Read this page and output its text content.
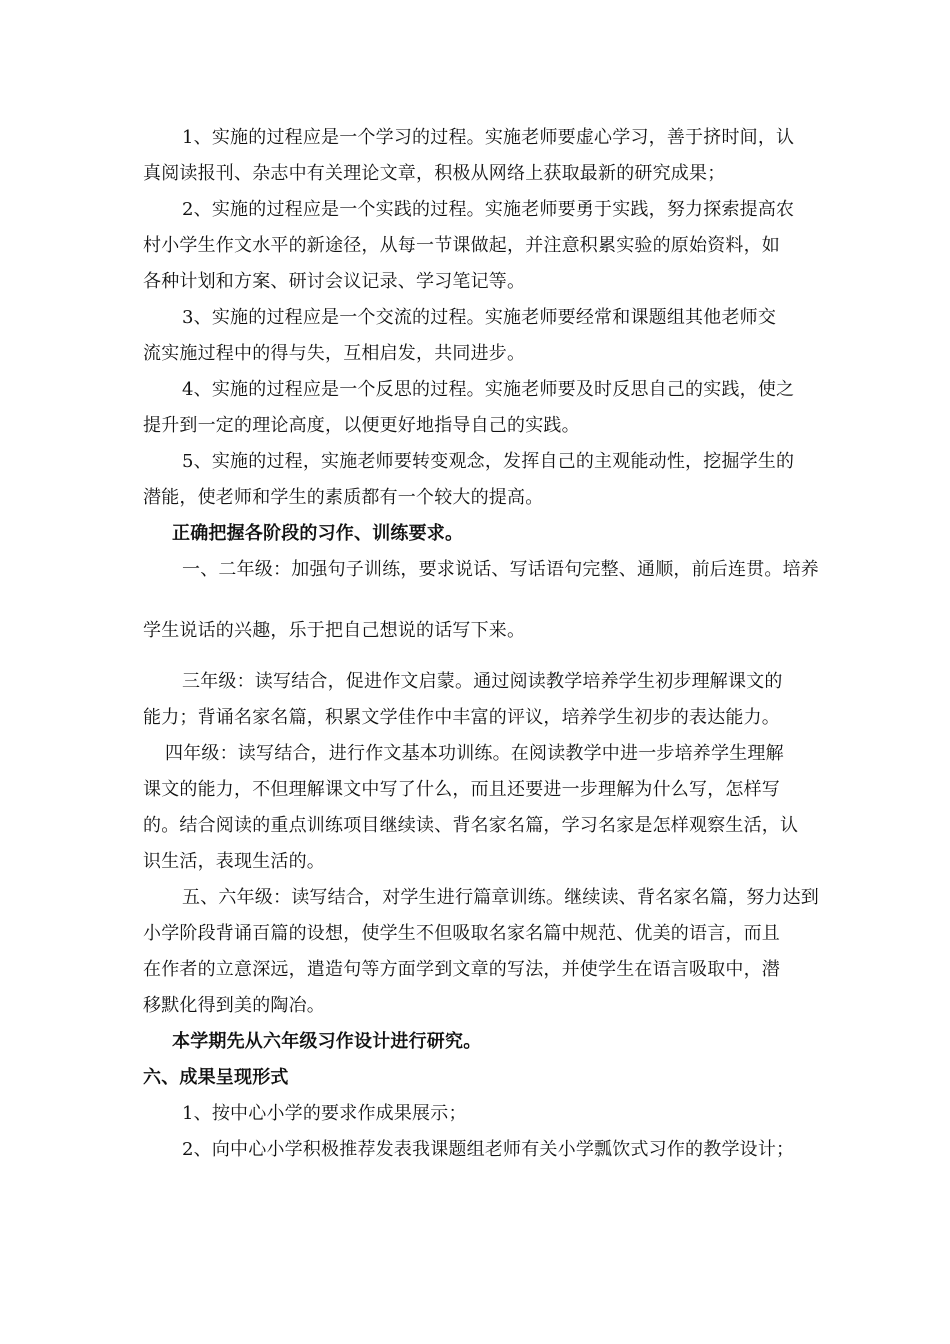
1、实施的过程应是一个学习的过程。实施老师要虚心学习，善于挤时间，认
真阅读报刊、杂志中有关理论文章，积极从网络上获取最新的研究成果；
2、实施的过程应是一个实践的过程。实施老师要勇于实践，努力探索提高农
村小学生作文水平的新途径，从每一节课做起，并注意积累实验的原始资料，如
各种计划和方案、研讨会议记录、学习笔记等。
3、实施的过程应是一个交流的过程。实施老师要经常和课题组其他老师交
流实施过程中的得与失，互相启发，共同进步。
4、实施的过程应是一个反思的过程。实施老师要及时反思自己的实践，使之
提升到一定的理论高度，以便更好地指导自己的实践。
5、实施的过程，实施老师要转变观念，发挥自己的主观能动性，挖掘学生的
潜能，使老师和学生的素质都有一个较大的提高。
正确把握各阶段的习作、训练要求。
一、二年级：加强句子训练，要求说话、写话语句完整、通顺，前后连贯。培养
学生说话的兴趣，乐于把自己想说的话写下来。
三年级：读写结合，促进作文启蒙。通过阅读教学培养学生初步理解课文的
能力；背诵名家名篇，积累文学佳作中丰富的评议，培养学生初步的表达能力。
四年级：读写结合，进行作文基本功训练。在阅读教学中进一步培养学生理解
课文的能力，不但理解课文中写了什么，而且还要进一步理解为什么写，怎样写
的。结合阅读的重点训练项目继续读、背名家名篇，学习名家是怎样观察生活，认
识生活，表现生活的。
五、六年级：读写结合，对学生进行篇章训练。继续读、背名家名篇，努力达到
小学阶段背诵百篇的设想，使学生不但吸取名家名篇中规范、优美的语言，而且
在作者的立意深远，遣造句等方面学到文章的写法，并使学生在语言吸取中，潜
移默化得到美的陶冶。
本学期先从六年级习作设计进行研究。
六、成果呈现形式
1、按中心小学的要求作成果展示；
2、向中心小学积极推荐发表我课题组老师有关小学瓢饮式习作的教学设计；
